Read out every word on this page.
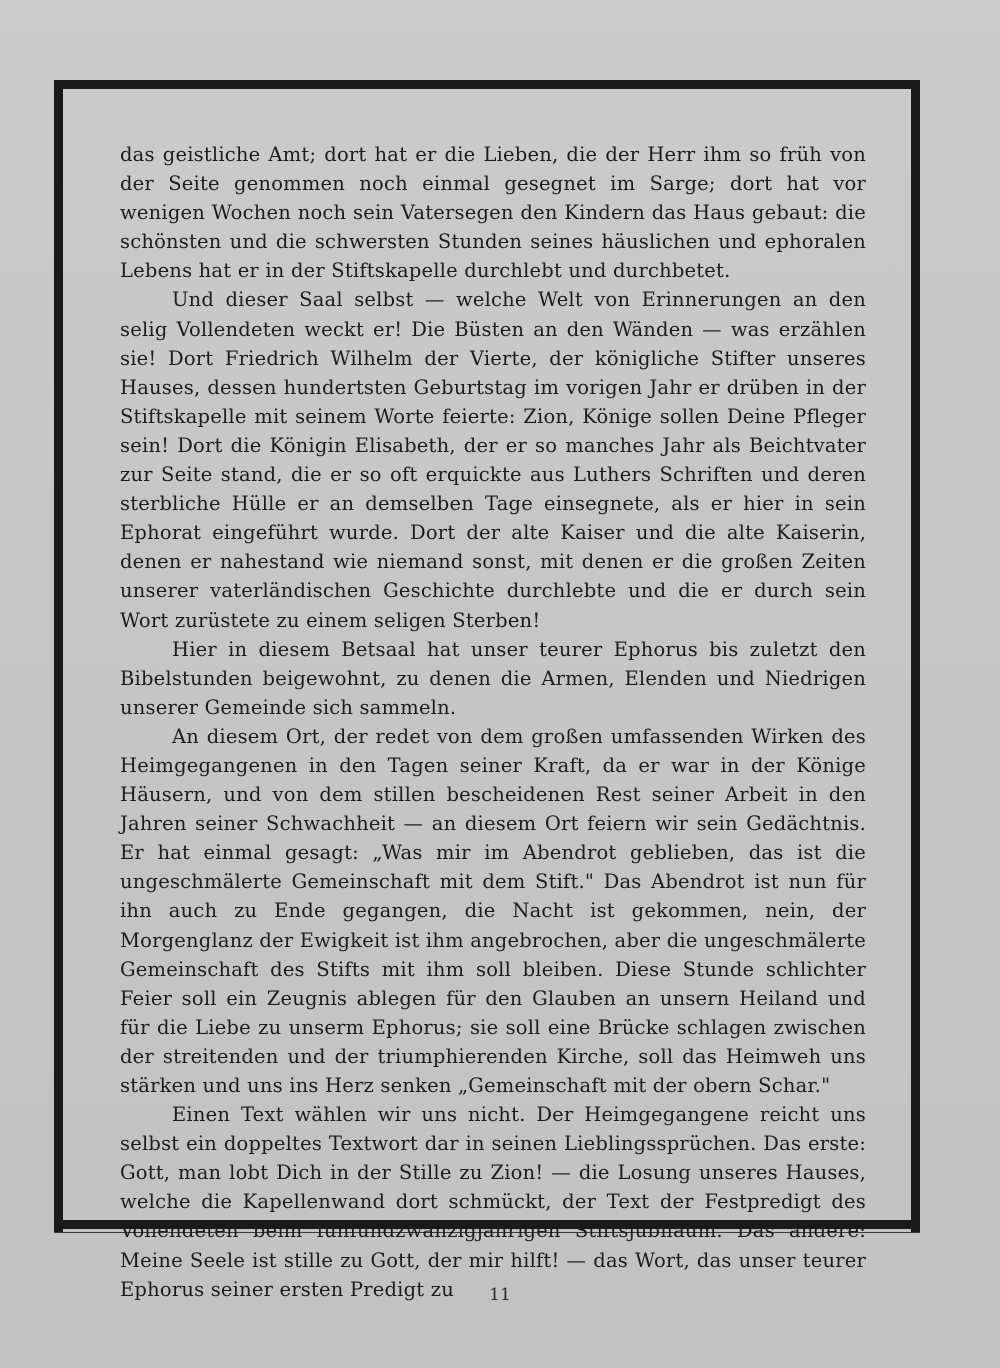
das geistliche Amt; dort hat er die Lieben, die der Herr ihm so früh von der Seite genommen noch einmal gesegnet im Sarge; dort hat vor wenigen Wochen noch sein Vatersegen den Kindern das Haus gebaut: die schönsten und die schwersten Stunden seines häuslichen und ephoralen Lebens hat er in der Stiftskapelle durchlebt und durchbetet.

Und dieser Saal selbst — welche Welt von Erinnerungen an den selig Vollendeten weckt er! Die Büsten an den Wänden — was erzählen sie! Dort Friedrich Wilhelm der Vierte, der königliche Stifter unseres Hauses, dessen hundertsten Geburtstag im vorigen Jahr er drüben in der Stiftskapelle mit seinem Worte feierte: Zion, Könige sollen Deine Pfleger sein! Dort die Königin Elisabeth, der er so manches Jahr als Beichtvater zur Seite stand, die er so oft erquickte aus Luthers Schriften und deren sterbliche Hülle er an demselben Tage einsegnete, als er hier in sein Ephorat eingeführt wurde. Dort der alte Kaiser und die alte Kaiserin, denen er nahestand wie niemand sonst, mit denen er die großen Zeiten unserer vaterländischen Geschichte durchlebte und die er durch sein Wort zurüstete zu einem seligen Sterben!

Hier in diesem Betsaal hat unser teurer Ephorus bis zuletzt den Bibelstunden beigewohnt, zu denen die Armen, Elenden und Niedrigen unserer Gemeinde sich sammeln.

An diesem Ort, der redet von dem großen umfassenden Wirken des Heimgegangenen in den Tagen seiner Kraft, da er war in der Könige Häusern, und von dem stillen bescheidenen Rest seiner Arbeit in den Jahren seiner Schwachheit — an diesem Ort feiern wir sein Gedächtnis. Er hat einmal gesagt: „Was mir im Abendrot geblieben, das ist die ungeschmälerte Gemeinschaft mit dem Stift." Das Abendrot ist nun für ihn auch zu Ende gegangen, die Nacht ist gekommen, nein, der Morgenglanz der Ewigkeit ist ihm angebrochen, aber die ungeschmälerte Gemeinschaft des Stifts mit ihm soll bleiben. Diese Stunde schlichter Feier soll ein Zeugnis ablegen für den Glauben an unsern Heiland und für die Liebe zu unserm Ephorus; sie soll eine Brücke schlagen zwischen der streitenden und der triumphierenden Kirche, soll das Heimweh uns stärken und uns ins Herz senken „Gemeinschaft mit der obern Schar."

Einen Text wählen wir uns nicht. Der Heimgegangene reicht uns selbst ein doppeltes Textwort dar in seinen Lieblingssprüchen. Das erste: Gott, man lobt Dich in der Stille zu Zion! — die Losung unseres Hauses, welche die Kapellenwand dort schmückt, der Text der Festpredigt des Vollendeten beim fünfundzwanzigjährigen Stiftsjubiläum. Das andere: Meine Seele ist stille zu Gott, der mir hilft! — das Wort, das unser teurer Ephorus seiner ersten Predigt zu	11
